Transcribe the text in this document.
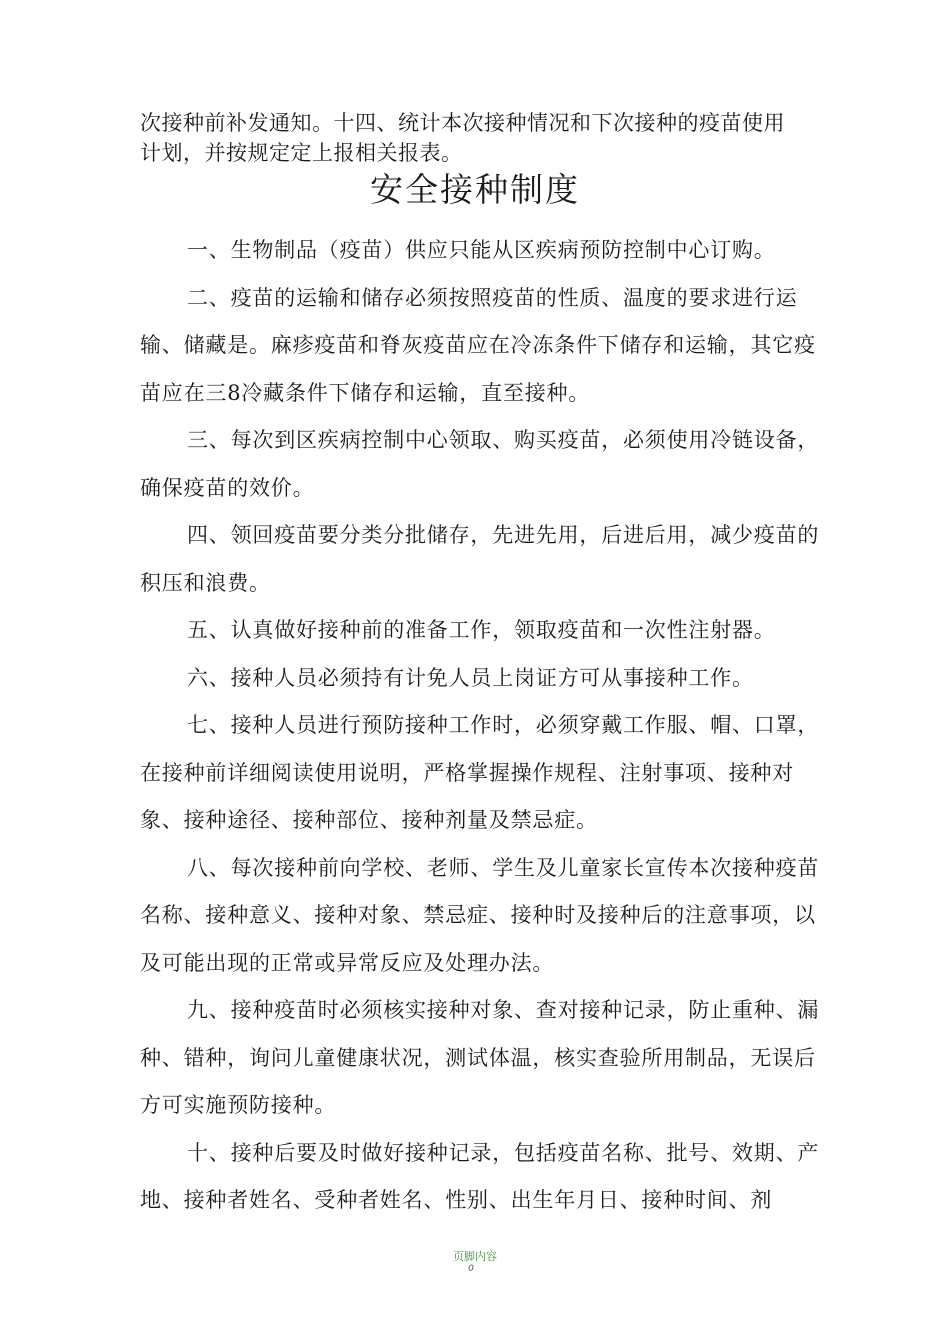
次接种前补发通知。十四、统计本次接种情况和下次接种的疫苗使用

计划，并按规定定上报相关报表。

安全接种制度

一、生物制品（疫苗）供应只能从区疾病预防控制中心订购。

二、疫苗的运输和储存必须按照疫苗的性质、温度的要求进行运输、储藏是。麻疹疫苗和脊灰疫苗应在冷冻条件下储存和运输，其它疫苗应在三8冷藏条件下储存和运输，直至接种。

三、每次到区疾病控制中心领取、购买疫苗，必须使用冷链设备，确保疫苗的效价。

四、领回疫苗要分类分批储存，先进先用，后进后用，减少疫苗的积压和浪费。

五、认真做好接种前的准备工作，领取疫苗和一次性注射器。

六、接种人员必须持有计免人员上岗证方可从事接种工作。

七、接种人员进行预防接种工作时，必须穿戴工作服、帽、口罩，在接种前详细阅读使用说明，严格掌握操作规程、注射事项、接种对象、接种途径、接种部位、接种剂量及禁忌症。

八、每次接种前向学校、老师、学生及儿童家长宣传本次接种疫苗名称、接种意义、接种对象、禁忌症、接种时及接种后的注意事项，以及可能出现的正常或异常反应及处理办法。

九、接种疫苗时必须核实接种对象、查对接种记录，防止重种、漏种、错种，询问儿童健康状况，测试体温，核实查验所用制品，无误后方可实施预防接种。

十、接种后要及时做好接种记录，包括疫苗名称、批号、效期、产地、接种者姓名、受种者姓名、性别、出生年月日、接种时间、剂

页脚内容
0
